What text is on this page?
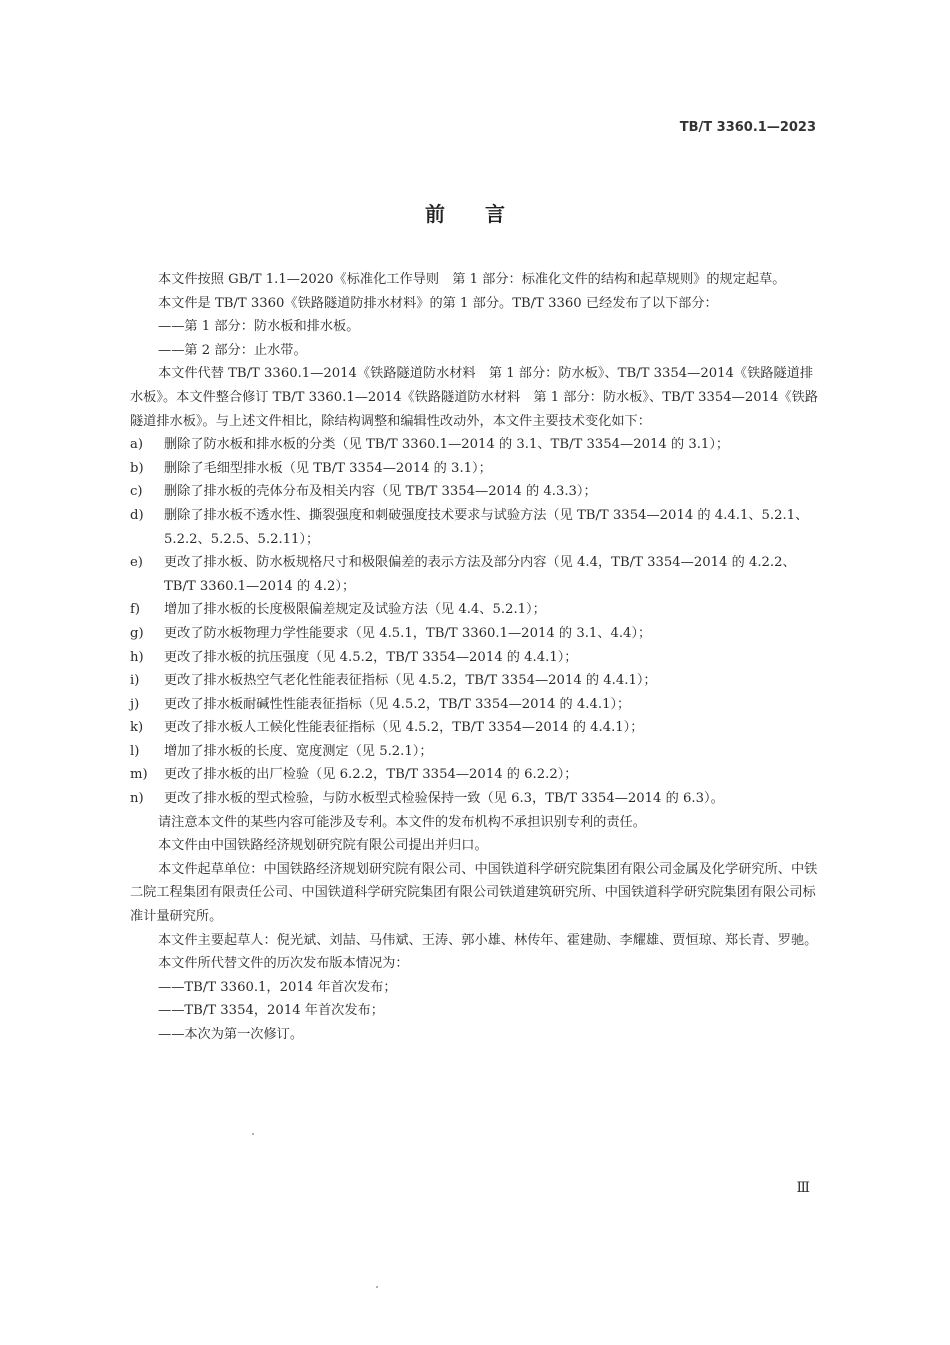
TB/T 3360.1—2023
前言

本文件按照 GB/T 1.1—2020《标准化工作导则　第 1 部分：标准化文件的结构和起草规则》的规定起草。

本文件是 TB/T 3360《铁路隧道防排水材料》的第 1 部分。TB/T 3360 已经发布了以下部分：

——第 1 部分：防水板和排水板。

——第 2 部分：止水带。

本文件代替 TB/T 3360.1—2014《铁路隧道防水材料　第 1 部分：防水板》、TB/T 3354—2014《铁路隧道排水板》。本文件整合修订 TB/T 3360.1—2014《铁路隧道防水材料　第 1 部分：防水板》、TB/T 3354—2014《铁路隧道排水板》。与上述文件相比，除结构调整和编辑性改动外，本文件主要技术变化如下：

a)	删除了防水板和排水板的分类（见 TB/T 3360.1—2014 的 3.1、TB/T 3354—2014 的 3.1）；
b)	删除了毛细型排水板（见 TB/T 3354—2014 的 3.1）；
c)	删除了排水板的壳体分布及相关内容（见 TB/T 3354—2014 的 4.3.3）；
d)	删除了排水板不透水性、撕裂强度和刺破强度技术要求与试验方法（见 TB/T 3354—2014 的 4.4.1、5.2.1、5.2.2、5.2.5、5.2.11）；
e)	更改了排水板、防水板规格尺寸和极限偏差的表示方法及部分内容（见 4.4，TB/T 3354—2014 的 4.2.2、TB/T 3360.1—2014 的 4.2）；
f)	增加了排水板的长度极限偏差规定及试验方法（见 4.4、5.2.1）；
g)	更改了防水板物理力学性能要求（见 4.5.1，TB/T 3360.1—2014 的 3.1、4.4）；
h)	更改了排水板的抗压强度（见 4.5.2，TB/T 3354—2014 的 4.4.1）；
i)	更改了排水板热空气老化性能表征指标（见 4.5.2，TB/T 3354—2014 的 4.4.1）；
j)	更改了排水板耐碱性性能表征指标（见 4.5.2，TB/T 3354—2014 的 4.4.1）；
k)	更改了排水板人工候化性能表征指标（见 4.5.2，TB/T 3354—2014 的 4.4.1）；
l)	增加了排水板的长度、宽度测定（见 5.2.1）；
m)	更改了排水板的出厂检验（见 6.2.2，TB/T 3354—2014 的 6.2.2）；
n)	更改了排水板的型式检验，与防水板型式检验保持一致（见 6.3，TB/T 3354—2014 的 6.3）。

请注意本文件的某些内容可能涉及专利。本文件的发布机构不承担识别专利的责任。

本文件由中国铁路经济规划研究院有限公司提出并归口。

本文件起草单位：中国铁路经济规划研究院有限公司、中国铁道科学研究院集团有限公司金属及化学研究所、中铁二院工程集团有限责任公司、中国铁道科学研究院集团有限公司铁道建筑研究所、中国铁道科学研究院集团有限公司标准计量研究所。

本文件主要起草人：倪光斌、刘喆、马伟斌、王涛、郭小雄、林传年、霍建勋、李耀雄、贾恒琼、郑长青、罗驰。

本文件所代替文件的历次发布版本情况为：

——TB/T 3360.1，2014 年首次发布；

——TB/T 3354，2014 年首次发布；

——本次为第一次修订。

Ⅲ
